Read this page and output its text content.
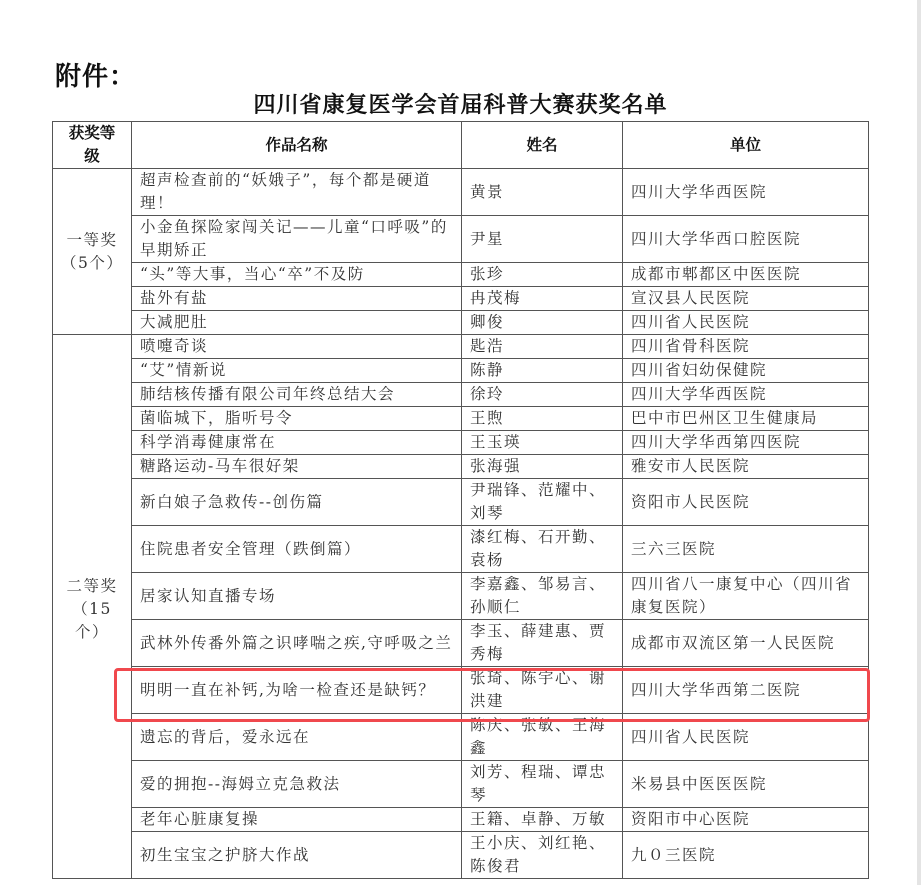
附件：
四川省康复医学会首届科普大赛获奖名单
获奖等级	作品名称	姓名	单位
一等奖（5个）	超声检查前的“妖娥子”，每个都是硬道理！	黄景	四川大学华西医院
	小金鱼探险家闯关记——儿童“口呼吸”的早期矫正	尹星	四川大学华西口腔医院
	“头”等大事，当心“卒”不及防	张珍	成都市郫都区中医医院
	盐外有盐	冉茂梅	宣汉县人民医院
	大减肥肚	卿俊	四川省人民医院
二等奖（15个）	喷嚏奇谈	匙浩	四川省骨科医院
	“艾”情新说	陈静	四川省妇幼保健院
	肺结核传播有限公司年终总结大会	徐玲	四川大学华西医院
	菌临城下，脂听号令	王煦	巴中市巴州区卫生健康局
	科学消毒健康常在	王玉瑛	四川大学华西第四医院
	糖路运动-马车很好架	张海强	雅安市人民医院
	新白娘子急救传--创伤篇	尹瑞锋、范耀中、刘琴	资阳市人民医院
	住院患者安全管理（跌倒篇）	漆红梅、石开勤、袁杨	三六三医院
	居家认知直播专场	李嘉鑫、邹易言、孙顺仁	四川省八一康复中心（四川省康复医院）
	武林外传番外篇之识哮喘之疾,守呼吸之兰	李玉、薛建惠、贾秀梅	成都市双流区第一人民医院
	明明一直在补钙,为啥一检查还是缺钙？	张琦、陈宇心、谢洪建	四川大学华西第二医院
	遗忘的背后，爱永远在	陈庆、张敏、王海鑫	四川省人民医院
	爱的拥抱--海姆立克急救法	刘芳、程瑞、谭忠琴	米易县中医医医院
	老年心脏康复操	王籍、卓静、万敏	资阳市中心医院
	初生宝宝之护脐大作战	王小庆、刘红艳、陈俊君	九０三医院
